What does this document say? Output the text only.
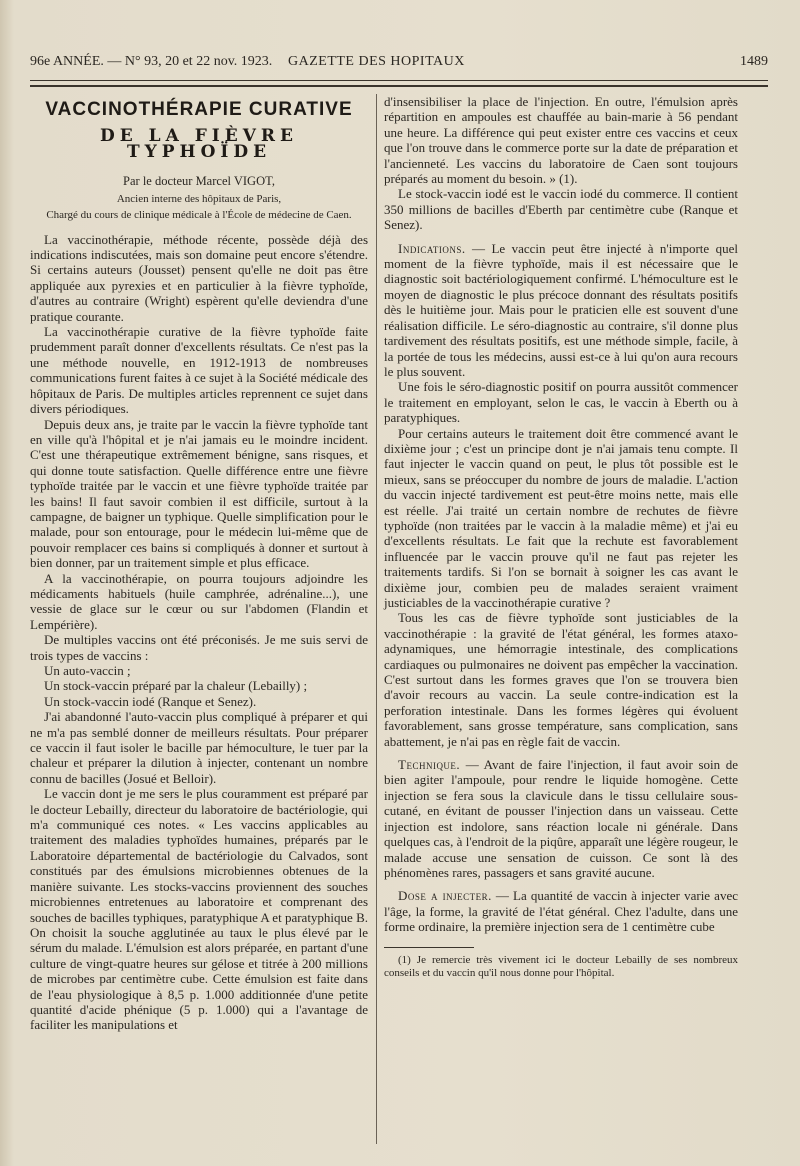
96e ANNÉE. — N° 93, 20 et 22 nov. 1923. GAZETTE DES HOPITAUX	1489
VACCINOTHÉRAPIE CURATIVE
DE LA FIÈVRE TYPHOÏDE
Par le docteur Marcel VIGOT,
Ancien interne des hôpitaux de Paris,
Chargé du cours de clinique médicale à l'École de médecine de Caen.

La vaccinothérapie, méthode récente, possède déjà des indications indiscutées, mais son domaine peut encore s'étendre. Si certains auteurs (Jousset) pensent qu'elle ne doit pas être appliquée aux pyrexies et en particulier à la fièvre typhoïde, d'autres au contraire (Wright) espèrent qu'elle deviendra d'une pratique courante.

La vaccinothérapie curative de la fièvre typhoïde faite prudemment paraît donner d'excellents résultats. Ce n'est pas la une méthode nouvelle, en 1912-1913 de nombreuses communications furent faites à ce sujet à la Société médicale des hôpitaux de Paris. De multiples articles reprennent ce sujet dans divers périodiques.

Depuis deux ans, je traite par le vaccin la fièvre typhoïde tant en ville qu'à l'hôpital et je n'ai jamais eu le moindre incident. C'est une thérapeutique extrêmement bénigne, sans risques, et qui donne toute satisfaction. Quelle différence entre une fièvre typhoïde traitée par le vaccin et une fièvre typhoïde traitée par les bains! Il faut savoir combien il est difficile, surtout à la campagne, de baigner un typhique. Quelle simplification pour le malade, pour son entourage, pour le médecin lui-même que de pouvoir remplacer ces bains si compliqués à donner et surtout à bien donner, par un traitement simple et plus efficace.

A la vaccinothérapie, on pourra toujours adjoindre les médicaments habituels (huile camphrée, adrénaline...), une vessie de glace sur le cœur ou sur l'abdomen (Flandin et Lempérière).

De multiples vaccins ont été préconisés. Je me suis servi de trois types de vaccins :

Un auto-vaccin ;

Un stock-vaccin préparé par la chaleur (Lebailly) ;

Un stock-vaccin iodé (Ranque et Senez).

J'ai abandonné l'auto-vaccin plus compliqué à préparer et qui ne m'a pas semblé donner de meilleurs résultats. Pour préparer ce vaccin il faut isoler le bacille par hémoculture, le tuer par la chaleur et préparer la dilution à injecter, contenant un nombre connu de bacilles (Josué et Belloir).

Le vaccin dont je me sers le plus couramment est préparé par le docteur Lebailly, directeur du laboratoire de bactériologie, qui m'a communiqué ces notes. « Les vaccins applicables au traitement des maladies typhoïdes humaines, préparés par le Laboratoire départemental de bactériologie du Calvados, sont constitués par des émulsions microbiennes obtenues de la manière suivante. Les stocks-vaccins proviennent des souches microbiennes entretenues au laboratoire et comprenant des souches de bacilles typhiques, paratyphique A et paratyphique B. On choisit la souche agglutinée au taux le plus élevé par le sérum du malade. L'émulsion est alors préparée, en partant d'une culture de vingt-quatre heures sur gélose et titrée à 200 millions de microbes par centimètre cube. Cette émulsion est faite dans de l'eau physiologique à 8,5 p. 1.000 additionnée d'une petite quantité d'acide phénique (5 p. 1.000) qui a l'avantage de faciliter les manipulations et

d'insensibiliser la place de l'injection. En outre, l'émulsion après répartition en ampoules est chauffée au bain-marie à 56 pendant une heure. La différence qui peut exister entre ces vaccins et ceux que l'on trouve dans le commerce porte sur la date de préparation et l'ancienneté. Les vaccins du laboratoire de Caen sont toujours préparés au moment du besoin. » (1).

Le stock-vaccin iodé est le vaccin iodé du commerce. Il contient 350 millions de bacilles d'Eberth par centimètre cube (Ranque et Senez).

Indications. — Le vaccin peut être injecté à n'importe quel moment de la fièvre typhoïde, mais il est nécessaire que le diagnostic soit bactériologiquement confirmé. L'hémoculture est le moyen de diagnostic le plus précoce donnant des résultats positifs dès le huitième jour. Mais pour le praticien elle est souvent d'une réalisation difficile. Le séro-diagnostic au contraire, s'il donne plus tardivement des résultats positifs, est une méthode simple, facile, à la portée de tous les médecins, aussi est-ce à lui qu'on aura recours le plus souvent.

Une fois le séro-diagnostic positif on pourra aussitôt commencer le traitement en employant, selon le cas, le vaccin à Eberth ou à paratyphiques.

Pour certains auteurs le traitement doit être commencé avant le dixième jour ; c'est un principe dont je n'ai jamais tenu compte. Il faut injecter le vaccin quand on peut, le plus tôt possible est le mieux, sans se préoccuper du nombre de jours de maladie. L'action du vaccin injecté tardivement est peut-être moins nette, mais elle est réelle. J'ai traité un certain nombre de rechutes de fièvre typhoïde (non traitées par le vaccin à la maladie même) et j'ai eu d'excellents résultats. Le fait que la rechute est favorablement influencée par le vaccin prouve qu'il ne faut pas rejeter les traitements tardifs. Si l'on se bornait à soigner les cas avant le dixième jour, combien peu de malades seraient vraiment justiciables de la vaccinothérapie curative ?

Tous les cas de fièvre typhoïde sont justiciables de la vaccinothérapie : la gravité de l'état général, les formes ataxo-adynamiques, une hémorragie intestinale, des complications cardiaques ou pulmonaires ne doivent pas empêcher la vaccination. C'est surtout dans les formes graves que l'on se trouvera bien d'avoir recours au vaccin. La seule contre-indication est la perforation intestinale. Dans les formes légères qui évoluent favorablement, sans grosse température, sans complication, sans abattement, je n'ai pas en règle fait de vaccin.

Technique. — Avant de faire l'injection, il faut avoir soin de bien agiter l'ampoule, pour rendre le liquide homogène. Cette injection se fera sous la clavicule dans le tissu cellulaire sous-cutané, en évitant de pousser l'injection dans un vaisseau. Cette injection est indolore, sans réaction locale ni générale. Dans quelques cas, à l'endroit de la piqûre, apparaît une légère rougeur, le malade accuse une sensation de cuisson. Ce sont là des phénomènes rares, passagers et sans gravité aucune.

Dose a injecter. — La quantité de vaccin à injecter varie avec l'âge, la forme, la gravité de l'état général. Chez l'adulte, dans une forme ordinaire, la première injection sera de 1 centimètre cube

(1) Je remercie très vivement ici le docteur Lebailly de ses nombreux conseils et du vaccin qu'il nous donne pour l'hôpital.
